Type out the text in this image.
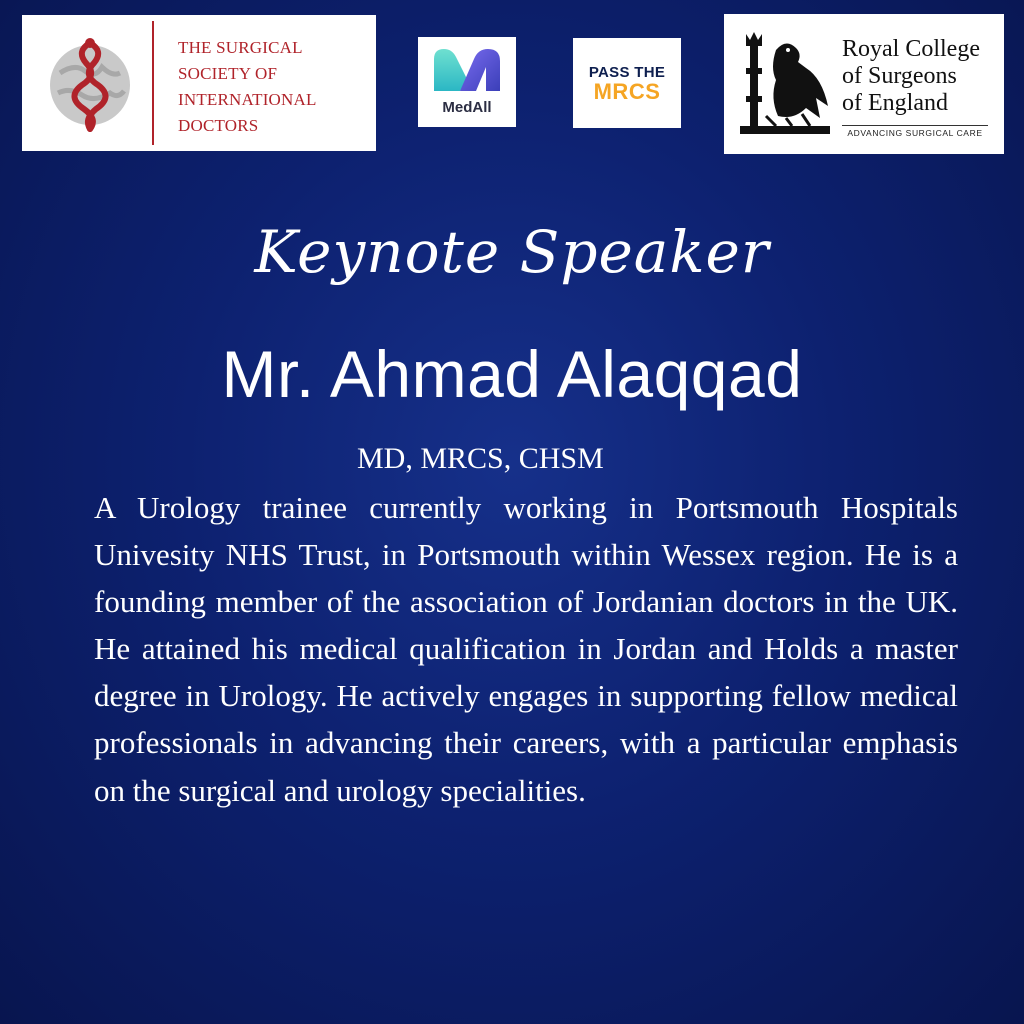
THE SURGICAL
SOCIETY OF
INTERNATIONAL
DOCTORS
MedAll
PASS THE
MRCS
Royal College
of Surgeons
of England
ADVANCING SURGICAL CARE
Keynote Speaker
Mr. Ahmad Alaqqad
MD, MRCS, CHSM
A Urology trainee currently working in Portsmouth Hospitals Univesity NHS Trust, in Portsmouth within Wessex region. He is a founding member of the association of Jordanian doctors in the UK. He attained his medical qualification in Jordan and Holds a master degree in Urology. He actively engages in supporting fellow medical professionals in advancing their careers, with a particular emphasis on the surgical and urology specialities.
